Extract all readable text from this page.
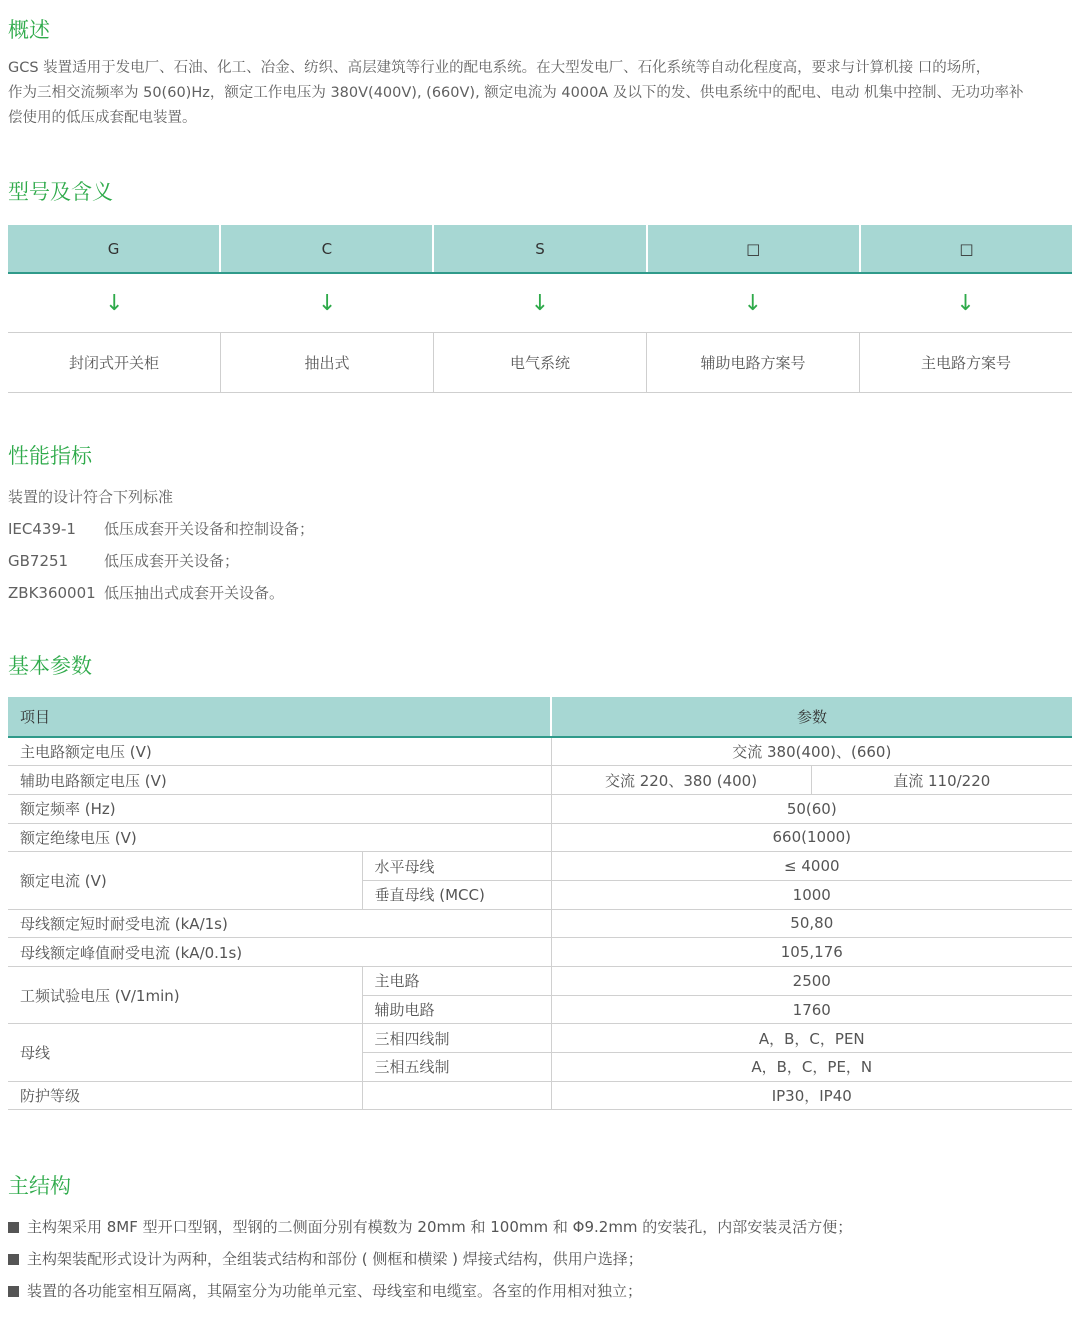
概述

GCS 装置适用于发电厂、石油、化工、冶金、纺织、高层建筑等行业的配电系统。在大型发电厂、石化系统等自动化程度高，要求与计算机接 口的场所，
作为三相交流频率为 50(60)Hz，额定工作电压为 380V(400V), (660V), 额定电流为 4000A 及以下的发、供电系统中的配电、电动 机集中控制、无功功率补
偿使用的低压成套配电装置。

型号及含义
G	C	S	□	□
↓	↓	↓	↓	↓
封闭式开关柜	抽出式	电气系统	辅助电路方案号	主电路方案号
性能指标
装置的设计符合下列标准
IEC439-1 低压成套开关设备和控制设备；
GB7251 低压成套开关设备；
ZBK360001 低压抽出式成套开关设备。
基本参数
项目		参数	
主电路额定电压 (V)		交流 380(400)、(660)	
辅助电路额定电压 (V)		交流 220、380 (400)	直流 110/220
额定频率 (Hz)		50(60)	
额定绝缘电压 (V)		660(1000)	
额定电流 (V)	水平母线	≤ 4000	
	垂直母线 (MCC)	1000	
母线额定短时耐受电流 (kA/1s)		50,80	
母线额定峰值耐受电流 (kA/0.1s)		105,176	
工频试验电压 (V/1min)	主电路	2500	
	辅助电路	1760	
母线	三相四线制	A，B，C，PEN	
	三相五线制	A，B，C，PE，N	
防护等级		IP30，IP40	
主结构
主构架采用 8MF 型开口型钢，型钢的二侧面分别有模数为 20mm 和 100mm 和 Φ9.2mm 的安装孔，内部安装灵活方便；
主构架装配形式设计为两种，全组装式结构和部份 ( 侧框和横梁 ) 焊接式结构，供用户选择；
装置的各功能室相互隔离，其隔室分为功能单元室、母线室和电缆室。各室的作用相对独立；
